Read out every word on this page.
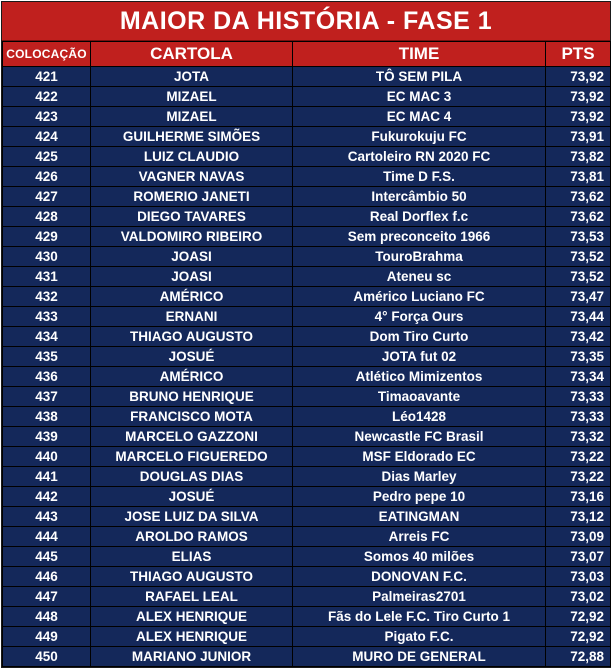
MAIOR DA HISTÓRIA - FASE 1
COLOCAÇÃO	CARTOLA	TIME	PTS
421	JOTA	TÔ SEM PILA	73,92
422	MIZAEL	EC MAC 3	73,92
423	MIZAEL	EC MAC 4	73,92
424	GUILHERME SIMÕES	Fukurokuju FC	73,91
425	LUIZ CLAUDIO	Cartoleiro RN 2020 FC	73,82
426	VAGNER NAVAS	Time D F.S.	73,81
427	ROMERIO JANETI	Intercâmbio 50	73,62
428	DIEGO TAVARES	Real Dorflex f.c	73,62
429	VALDOMIRO RIBEIRO	Sem preconceito 1966	73,53
430	JOASI	TouroBrahma	73,52
431	JOASI	Ateneu sc	73,52
432	AMÉRICO	Américo Luciano FC	73,47
433	ERNANI	4° Força Ours	73,44
434	THIAGO AUGUSTO	Dom Tiro Curto	73,42
435	JOSUÉ	JOTA fut 02	73,35
436	AMÉRICO	Atlético Mimizentos	73,34
437	BRUNO HENRIQUE	Timaoavante	73,33
438	FRANCISCO MOTA	Léo1428	73,33
439	MARCELO GAZZONI	Newcastle FC Brasil	73,32
440	MARCELO FIGUEREDO	MSF Eldorado EC	73,22
441	DOUGLAS DIAS	Dias Marley	73,22
442	JOSUÉ	Pedro pepe 10	73,16
443	JOSE LUIZ DA SILVA	EATINGMAN	73,12
444	AROLDO RAMOS	Arreis FC	73,09
445	ELIAS	Somos 40 milões	73,07
446	THIAGO AUGUSTO	DONOVAN F.C.	73,03
447	RAFAEL LEAL	Palmeiras2701	73,02
448	ALEX HENRIQUE	Fãs do Lele F.C. Tiro Curto 1	72,92
449	ALEX HENRIQUE	Pigato F.C.	72,92
450	MARIANO JUNIOR	MURO DE GENERAL	72,88
